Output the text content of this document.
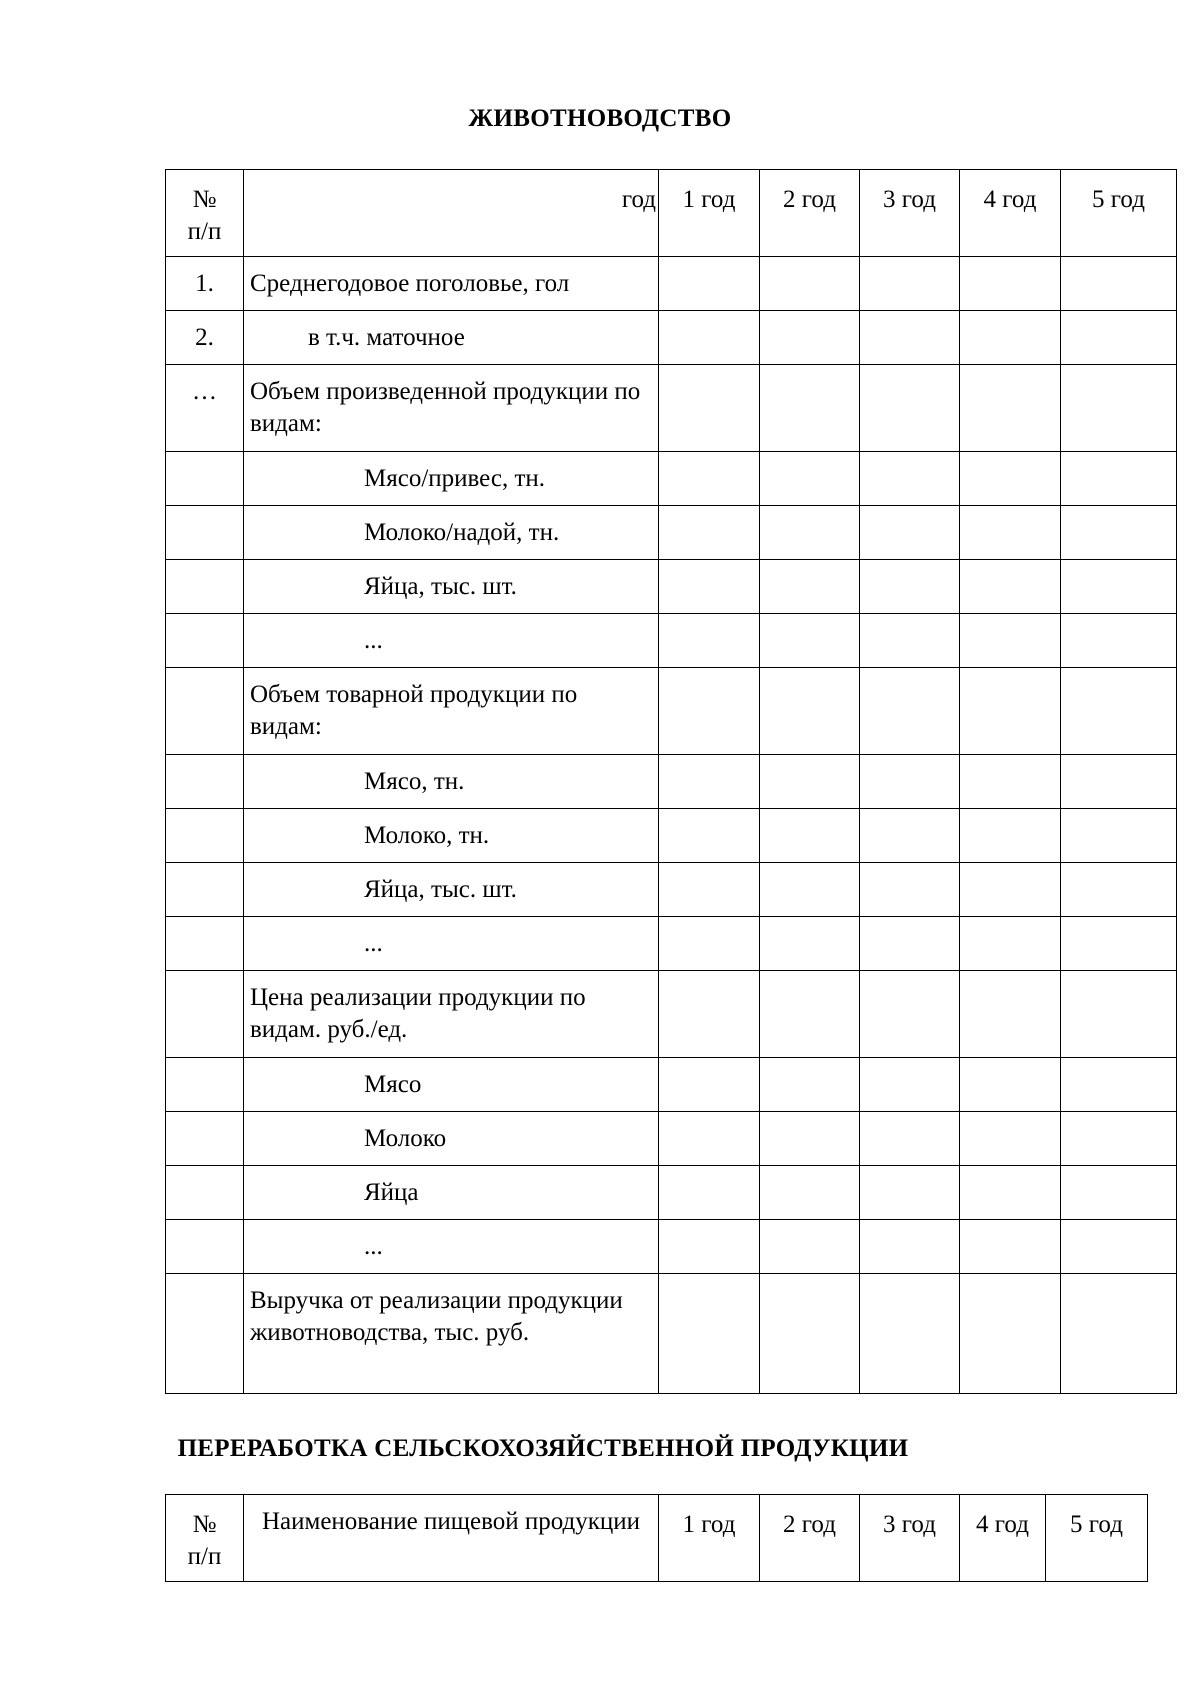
ЖИВОТНОВОДСТВО
№
п/п	год	1 год	2 год	3 год	4 год	5 год
1.	Среднегодовое поголовье, гол					
2.	в т.ч. маточное					
…	Объем произведенной продукции по видам:					
	Мясо/привес, тн.					
	Молоко/надой, тн.					
	Яйца, тыс. шт.					
	...					
	Объем товарной продукции по видам:					
	Мясо, тн.					
	Молоко, тн.					
	Яйца, тыс. шт.					
	...					
	Цена реализации продукции по видам. руб./ед.					
	Мясо					
	Молоко					
	Яйца					
	...					
	Выручка от реализации продукции животноводства, тыс. руб.					
ПЕРЕРАБОТКА СЕЛЬСКОХОЗЯЙСТВЕННОЙ ПРОДУКЦИИ
№
п/п	Наименование пищевой продукции	1 год	2 год	3 год	4 год	5 год
